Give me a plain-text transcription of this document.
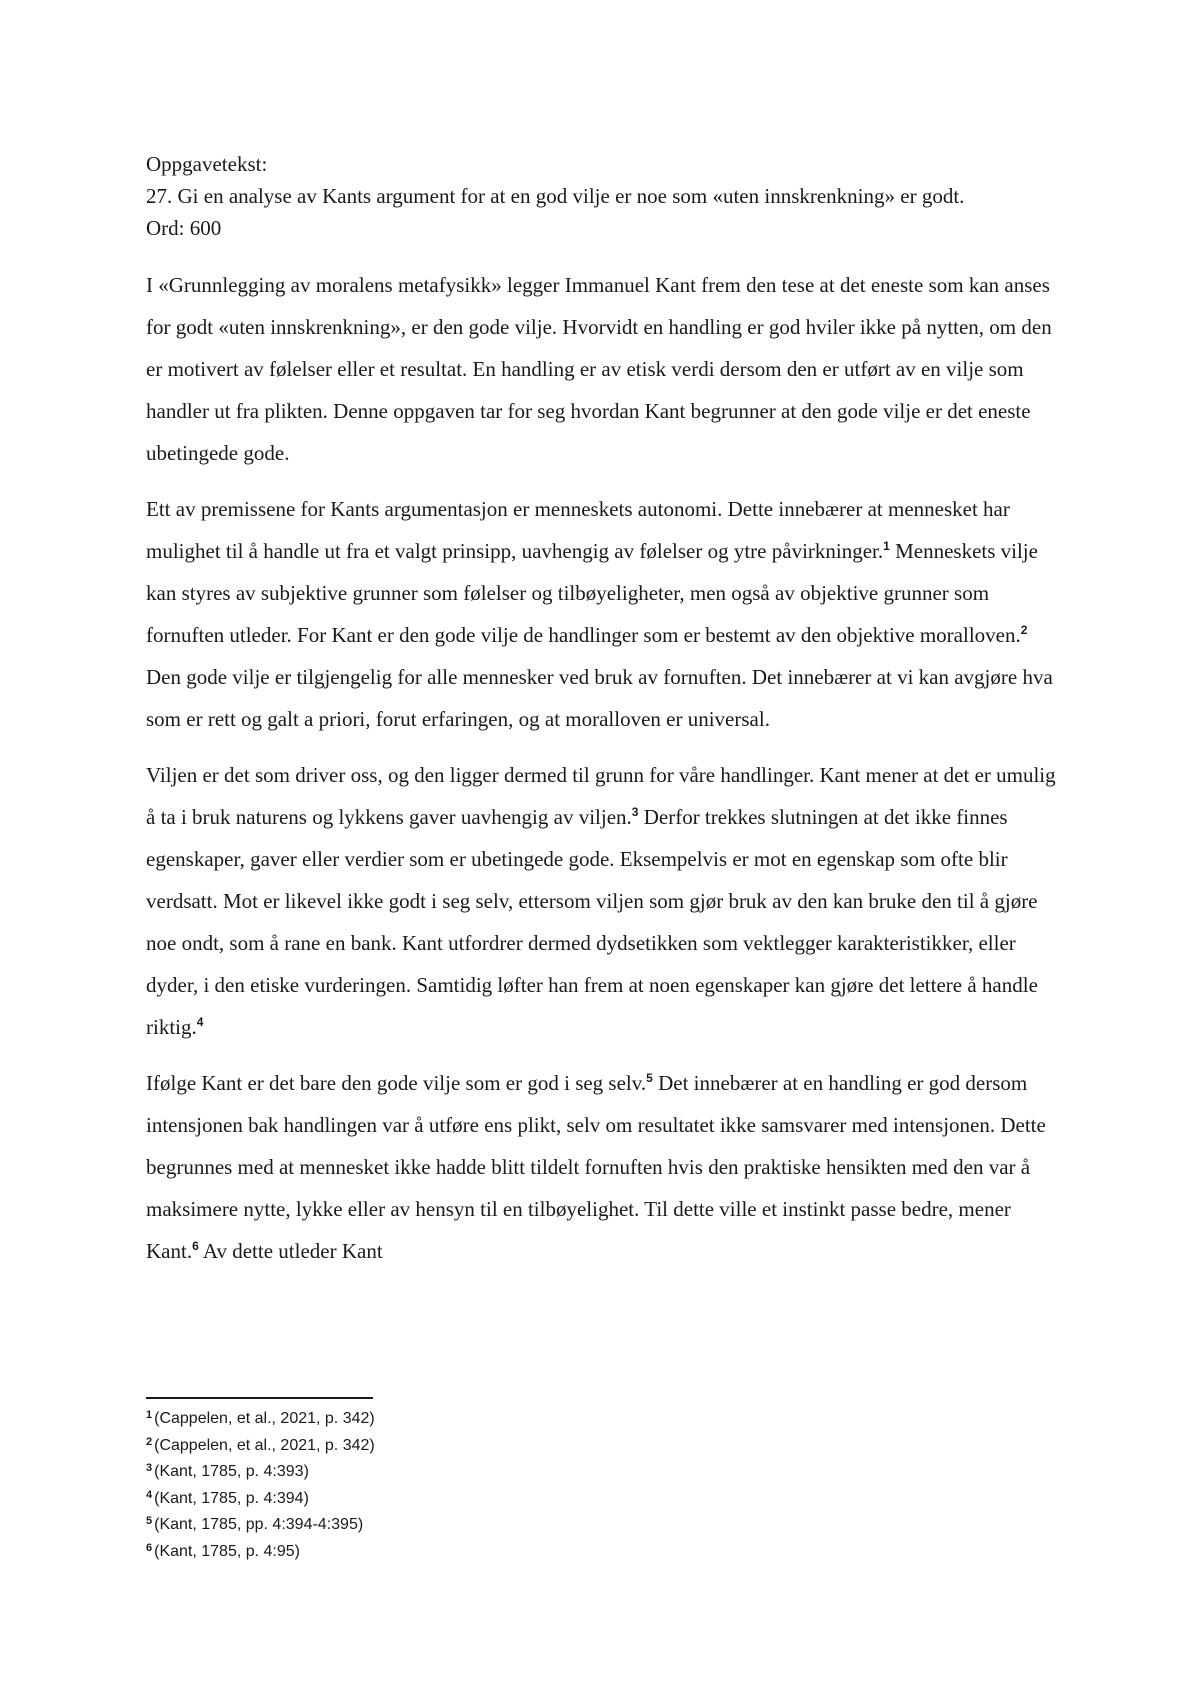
Oppgavetekst:

27. Gi en analyse av Kants argument for at en god vilje er noe som «uten innskrenkning» er godt.

Ord: 600

I «Grunnlegging av moralens metafysikk» legger Immanuel Kant frem den tese at det eneste som kan anses for godt «uten innskrenkning», er den gode vilje. Hvorvidt en handling er god hviler ikke på nytten, om den er motivert av følelser eller et resultat. En handling er av etisk verdi dersom den er utført av en vilje som handler ut fra plikten. Denne oppgaven tar for seg hvordan Kant begrunner at den gode vilje er det eneste ubetingede gode.

Ett av premissene for Kants argumentasjon er menneskets autonomi. Dette innebærer at mennesket har mulighet til å handle ut fra et valgt prinsipp, uavhengig av følelser og ytre påvirkninger.$^1$ Menneskets vilje kan styres av subjektive grunner som følelser og tilbøyeligheter, men også av objektive grunner som fornuften utleder. For Kant er den gode vilje de handlinger som er bestemt av den objektive moralloven.$^2$ Den gode vilje er tilgjengelig for alle mennesker ved bruk av fornuften. Det innebærer at vi kan avgjøre hva som er rett og galt a priori, forut erfaringen, og at moralloven er universal.

Viljen er det som driver oss, og den ligger dermed til grunn for våre handlinger. Kant mener at det er umulig å ta i bruk naturens og lykkens gaver uavhengig av viljen.$^3$ Derfor trekkes slutningen at det ikke finnes egenskaper, gaver eller verdier som er ubetingede gode. Eksempelvis er mot en egenskap som ofte blir verdsatt. Mot er likevel ikke godt i seg selv, ettersom viljen som gjør bruk av den kan bruke den til å gjøre noe ondt, som å rane en bank. Kant utfordrer dermed dydsetikken som vektlegger karakteristikker, eller dyder, i den etiske vurderingen. Samtidig løfter han frem at noen egenskaper kan gjøre det lettere å handle riktig.$^4$

Ifølge Kant er det bare den gode vilje som er god i seg selv.$^5$ Det innebærer at en handling er god dersom intensjonen bak handlingen var å utføre ens plikt, selv om resultatet ikke samsvarer med intensjonen. Dette begrunnes med at mennesket ikke hadde blitt tildelt fornuften hvis den praktiske hensikten med den var å maksimere nytte, lykke eller av hensyn til en tilbøyelighet. Til dette ville et instinkt passe bedre, mener Kant.$^6$ Av dette utleder Kant

$^1$ (Cappelen, et al., 2021, p. 342)

$^2$ (Cappelen, et al., 2021, p. 342)

$^3$ (Kant, 1785, p. 4:393)

$^4$ (Kant, 1785, p. 4:394)

$^5$ (Kant, 1785, pp. 4:394-4:395)

$^6$ (Kant, 1785, p. 4:95)
